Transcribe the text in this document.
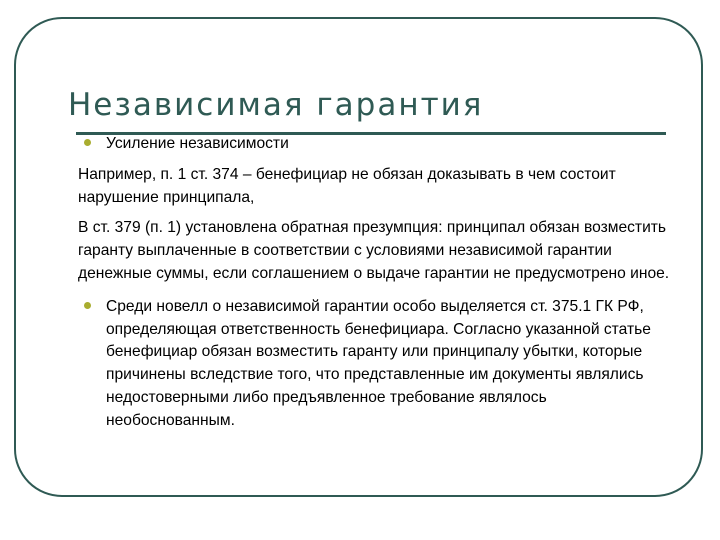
Независимая гарантия
Усиление независимости

Например, п. 1 ст. 374 – бенефициар не обязан доказывать в чем состоит нарушение принципала,

В ст. 379 (п. 1) установлена обратная презумпция: принципал обязан возместить гаранту выплаченные в соответствии с условиями независимой гарантии денежные суммы, если соглашением о выдаче гарантии не предусмотрено иное.

Среди новелл о независимой гарантии особо выделяется ст. 375.1 ГК РФ, определяющая ответственность бенефициара. Согласно указанной статье бенефициар обязан возместить гаранту или принципалу убытки, которые причинены вследствие того, что представленные им документы являлись недостоверными либо предъявленное требование являлось необоснованным.
